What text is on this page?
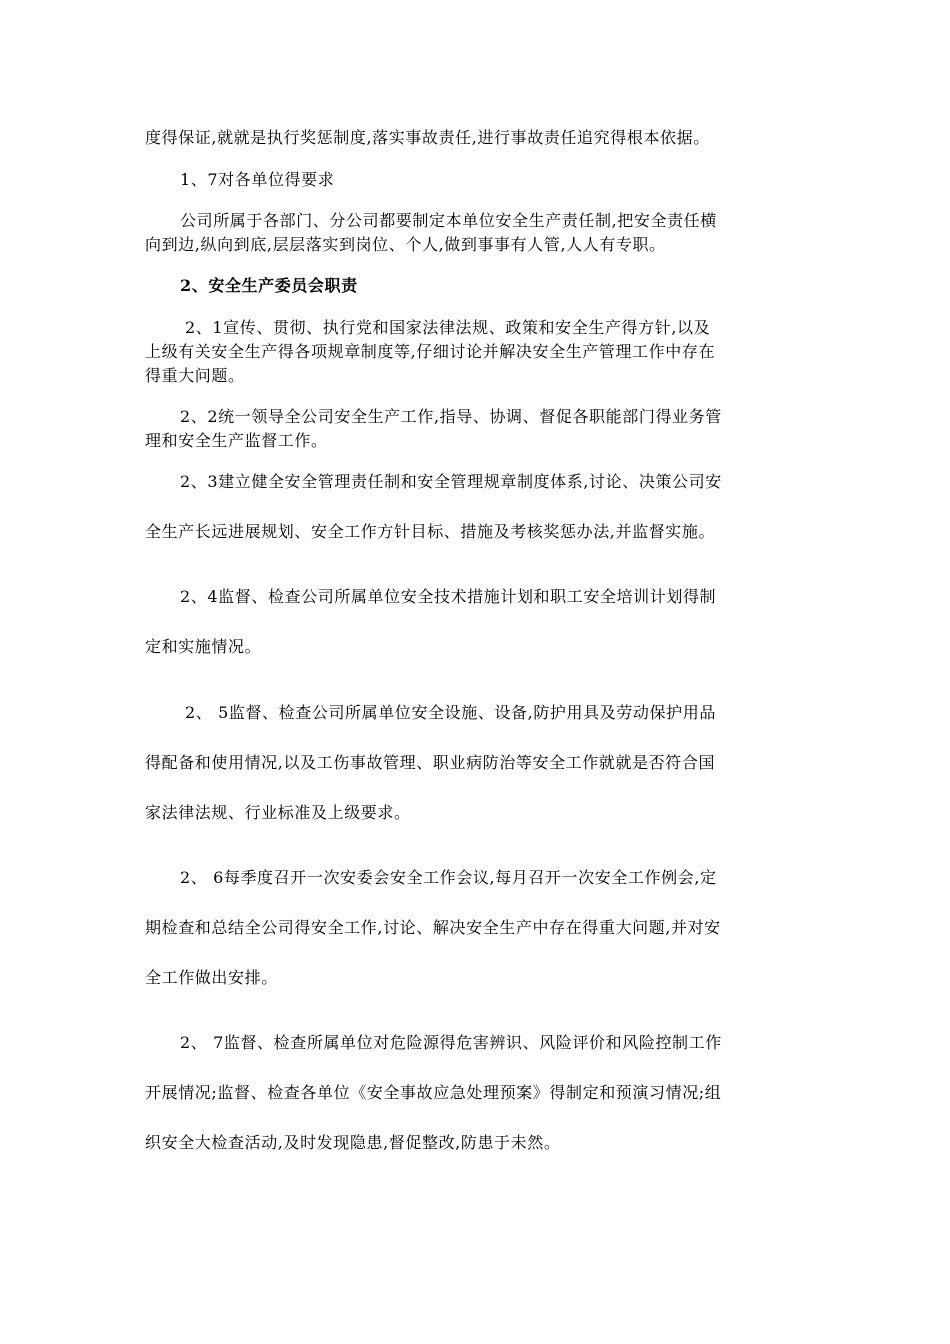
度得保证,就就是执行奖惩制度,落实事故责任,进行事故责任追究得根本依据。
1、7对各单位得要求
公司所属于各部门、分公司都要制定本单位安全生产责任制,把安全责任横
向到边,纵向到底,层层落实到岗位、个人,做到事事有人管,人人有专职。
2、安全生产委员会职责
2、1宣传、贯彻、执行党和国家法律法规、政策和安全生产得方针,以及
上级有关安全生产得各项规章制度等,仔细讨论并解决安全生产管理工作中存在
得重大问题。
2、2统一领导全公司安全生产工作,指导、协调、督促各职能部门得业务管
理和安全生产监督工作。
2、3建立健全安全管理责任制和安全管理规章制度体系,讨论、决策公司安
全生产长远进展规划、安全工作方针目标、措施及考核奖惩办法,并监督实施。
2、4监督、检查公司所属单位安全技术措施计划和职工安全培训计划得制
定和实施情况。
2、 5监督、检查公司所属单位安全设施、设备,防护用具及劳动保护用品
得配备和使用情况,以及工伤事故管理、职业病防治等安全工作就就是否符合国
家法律法规、行业标准及上级要求。
2、 6每季度召开一次安委会安全工作会议,每月召开一次安全工作例会,定
期检查和总结全公司得安全工作,讨论、解决安全生产中存在得重大问题,并对安
全工作做出安排。
2、 7监督、检查所属单位对危险源得危害辨识、风险评价和风险控制工作
开展情况;监督、检查各单位《安全事故应急处理预案》得制定和预演习情况;组
织安全大检查活动,及时发现隐患,督促整改,防患于未然。
